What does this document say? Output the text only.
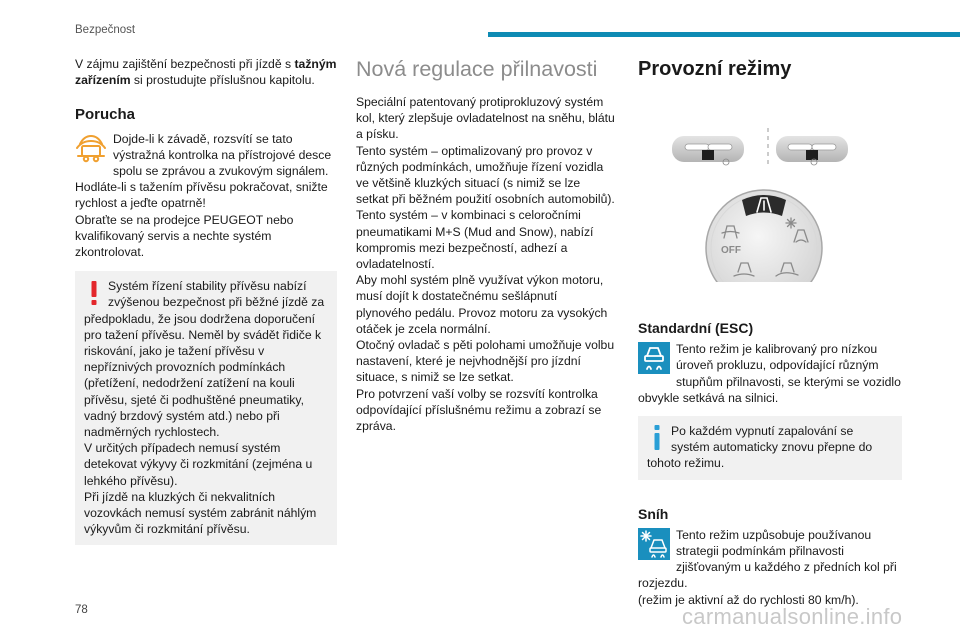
Bezpečnost

V zájmu zajištění bezpečnosti při jízdě s tažným zařízením si prostudujte příslušnou kapitolu.

Porucha

Dojde-li k závadě, rozsvítí se tato výstražná kontrolka na přístrojové desce spolu se zprávou a zvukovým signálem.

Hodláte-li s tažením přívěsu pokračovat, snižte rychlost a jeďte opatrně!

Obraťte se na prodejce PEUGEOT nebo kvalifikovaný servis a nechte systém zkontrolovat.

Systém řízení stability přívěsu nabízí zvýšenou bezpečnost při běžné jízdě za předpokladu, že jsou dodržena doporučení pro tažení přívěsu. Neměl by svádět řidiče k riskování, jako je tažení přívěsu v nepříznivých provozních podmínkách (přetížení, nedodržení zatížení na kouli přívěsu, sjeté či podhuštěné pneumatiky, vadný brzdový systém atd.) nebo při nadměrných rychlostech.

V určitých případech nemusí systém detekovat výkyvy či rozkmitání (zejména u lehkého přívěsu).

Při jízdě na kluzkých či nekvalitních vozovkách nemusí systém zabránit náhlým výkyvům či rozkmitání přívěsu.

Nová regulace přilnavosti

Speciální patentovaný protiprokluzový systém kol, který zlepšuje ovladatelnost na sněhu, blátu a písku.

Tento systém – optimalizovaný pro provoz v různých podmínkách, umožňuje řízení vozidla ve většině kluzkých situací (s nimiž se lze setkat při běžném použití osobních automobilů).

Tento systém – v kombinaci s celoročními pneumatikami M+S (Mud and Snow), nabízí kompromis mezi bezpečností, adhezí a ovladatelností.

Aby mohl systém plně využívat výkon motoru, musí dojít k dostatečnému sešlápnutí plynového pedálu. Provoz motoru za vysokých otáček je zcela normální.

Otočný ovladač s pěti polohami umožňuje volbu nastavení, které je nejvhodnější pro jízdní situace, s nimiž se lze setkat.

Pro potvrzení vaší volby se rozsvítí kontrolka odpovídající příslušnému režimu a zobrazí se zpráva.

Provozní režimy
OFF
Standardní (ESC)

Tento režim je kalibrovaný pro nízkou úroveň prokluzu, odpovídající různým stupňům přilnavosti, se kterými se vozidlo obvykle setkává na silnici.

Po každém vypnutí zapalování se systém automaticky znovu přepne do tohoto režimu.

Sníh

Tento režim uzpůsobuje používanou strategii podmínkám přilnavosti zjišťovaným u každého z předních kol při rozjezdu.

(režim je aktivní až do rychlosti 80 km/h).

78	carmanualsonline.info
